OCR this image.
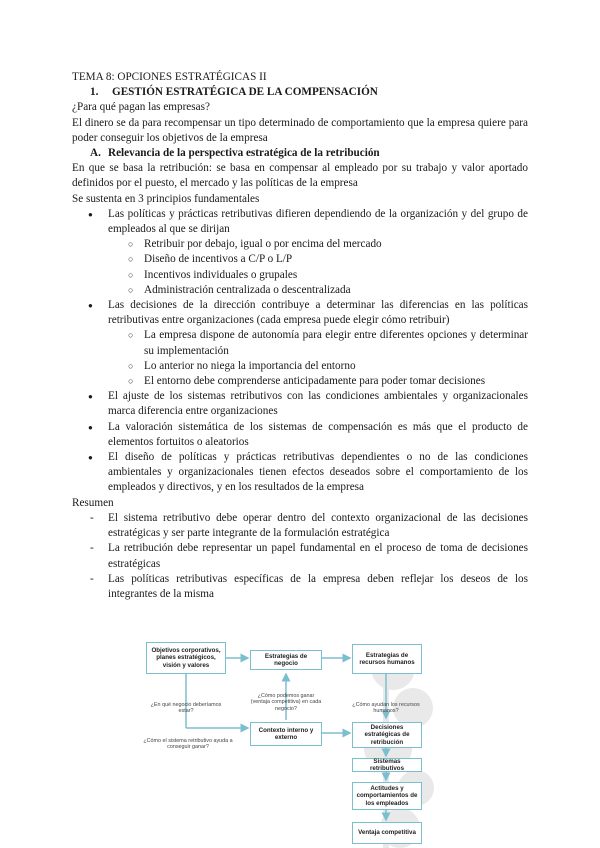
TEMA 8: OPCIONES ESTRATÉGICAS II

1. GESTIÓN ESTRATÉGICA DE LA COMPENSACIÓN

¿Para qué pagan las empresas?

El dinero se da para recompensar un tipo determinado de comportamiento que la empresa quiere para poder conseguir los objetivos de la empresa

A. Relevancia de la perspectiva estratégica de la retribución

En que se basa la retribución: se basa en compensar al empleado por su trabajo y valor aportado definidos por el puesto, el mercado y las políticas de la empresa

Se sustenta en 3 principios fundamentales

● Las políticas y prácticas retributivas difieren dependiendo de la organización y del grupo de empleados al que se dirijan
○ Retribuir por debajo, igual o por encima del mercado
○ Diseño de incentivos a C/P o L/P
○ Incentivos individuales o grupales
○ Administración centralizada o descentralizada
● Las decisiones de la dirección contribuye a determinar las diferencias en las políticas retributivas entre organizaciones (cada empresa puede elegir cómo retribuir)
○ La empresa dispone de autonomía para elegir entre diferentes opciones y determinar su implementación
○ Lo anterior no niega la importancia del entorno
○ El entorno debe comprenderse anticipadamente para poder tomar decisiones
● El ajuste de los sistemas retributivos con las condiciones ambientales y organizacionales marca diferencia entre organizaciones
● La valoración sistemática de los sistemas de compensación es más que el producto de elementos fortuitos o aleatorios
● El diseño de políticas y prácticas retributivas dependientes o no de las condiciones ambientales y organizacionales tienen efectos deseados sobre el comportamiento de los empleados y directivos, y en los resultados de la empresa

Resumen

- El sistema retributivo debe operar dentro del contexto organizacional de las decisiones estratégicas y ser parte integrante de la formulación estratégica
- La retribución debe representar un papel fundamental en el proceso de toma de decisiones estratégicas
- Las políticas retributivas específicas de la empresa deben reflejar los deseos de los integrantes de la misma
Objetivos corporativos, planes estratégicos, visión y valores
Estrategias de negocio
Estrategias de recursos humanos
¿En qué negocio deberíamos estar?
¿Cómo podemos ganar (ventaja competitiva) en cada negocio?
¿Cómo ayudan los recursos humanos?
¿Cómo el sistema retributivo ayuda a conseguir ganar?
Contexto interno y externo
Decisiones estratégicas de retribución
Sistemas retributivos
Actitudes y comportamientos de los empleados
Ventaja competitiva
